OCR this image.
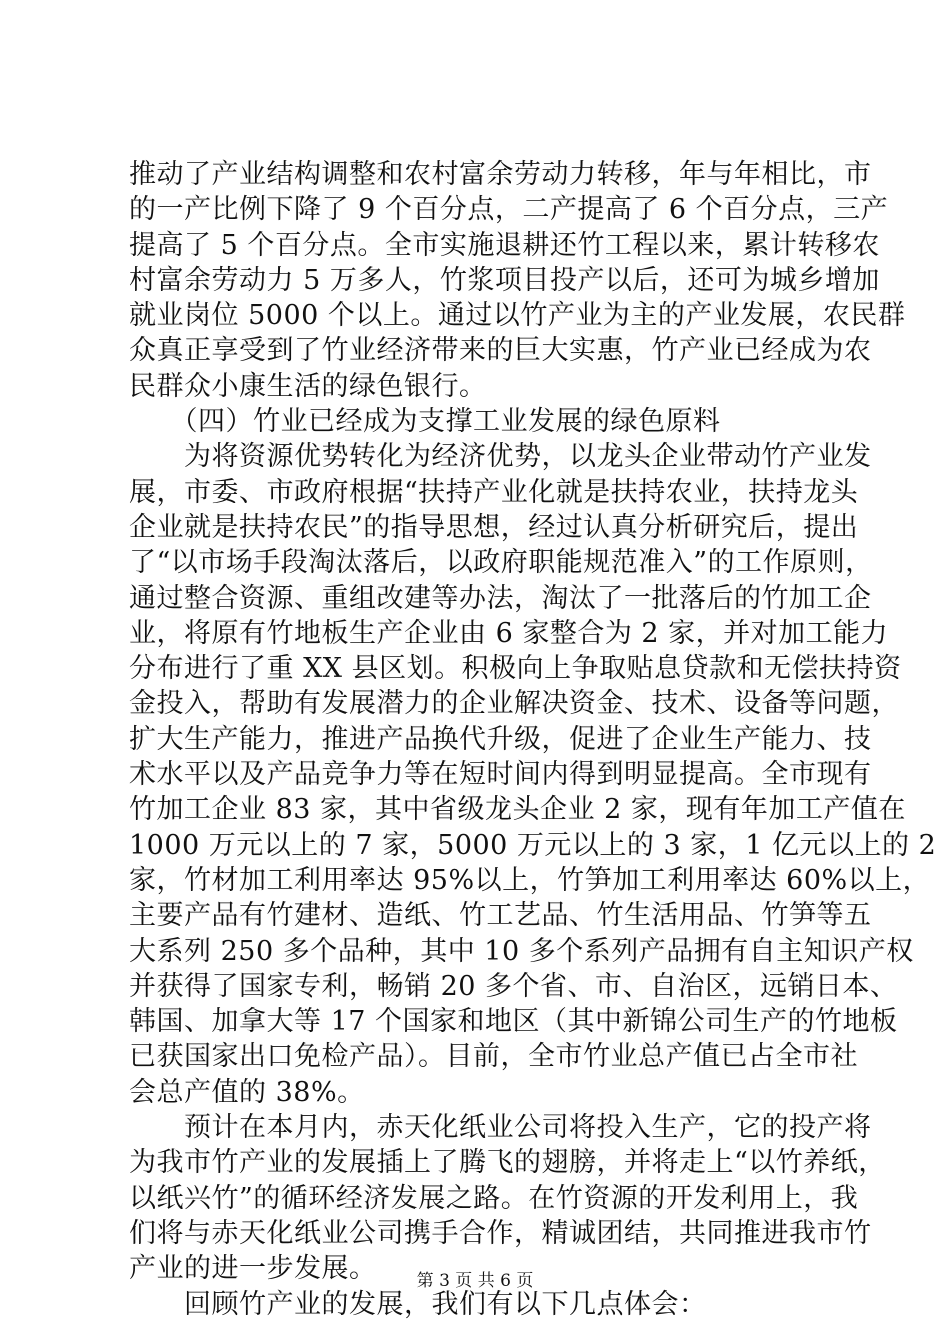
推动了产业结构调整和农村富余劳动力转移，年与年相比，市
的一产比例下降了 9 个百分点，二产提高了 6 个百分点，三产
提高了 5 个百分点。全市实施退耕还竹工程以来，累计转移农
村富余劳动力 5 万多人，竹浆项目投产以后，还可为城乡增加
就业岗位 5000 个以上。通过以竹产业为主的产业发展，农民群
众真正享受到了竹业经济带来的巨大实惠，竹产业已经成为农
民群众小康生活的绿色银行。
　　（四）竹业已经成为支撑工业发展的绿色原料
　　为将资源优势转化为经济优势，以龙头企业带动竹产业发
展，市委、市政府根据“扶持产业化就是扶持农业，扶持龙头
企业就是扶持农民”的指导思想，经过认真分析研究后，提出
了“以市场手段淘汰落后，以政府职能规范准入”的工作原则，
通过整合资源、重组改建等办法，淘汰了一批落后的竹加工企
业，将原有竹地板生产企业由 6 家整合为 2 家，并对加工能力
分布进行了重 XX 县区划。积极向上争取贴息贷款和无偿扶持资
金投入，帮助有发展潜力的企业解决资金、技术、设备等问题，
扩大生产能力，推进产品换代升级，促进了企业生产能力、技
术水平以及产品竞争力等在短时间内得到明显提高。全市现有
竹加工企业 83 家，其中省级龙头企业 2 家，现有年加工产值在
1000 万元以上的 7 家，5000 万元以上的 3 家，1 亿元以上的 2
家，竹材加工利用率达 95%以上，竹笋加工利用率达 60%以上，
主要产品有竹建材、造纸、竹工艺品、竹生活用品、竹笋等五
大系列 250 多个品种，其中 10 多个系列产品拥有自主知识产权
并获得了国家专利，畅销 20 多个省、市、自治区，远销日本、
韩国、加拿大等 17 个国家和地区（其中新锦公司生产的竹地板
已获国家出口免检产品）。目前，全市竹业总产值已占全市社
会总产值的 38%。
　　预计在本月内，赤天化纸业公司将投入生产，它的投产将
为我市竹产业的发展插上了腾飞的翅膀，并将走上“以竹养纸，
以纸兴竹”的循环经济发展之路。在竹资源的开发利用上，我
们将与赤天化纸业公司携手合作，精诚团结，共同推进我市竹
产业的进一步发展。
　　回顾竹产业的发展，我们有以下几点体会：
第 3 页 共 6 页
